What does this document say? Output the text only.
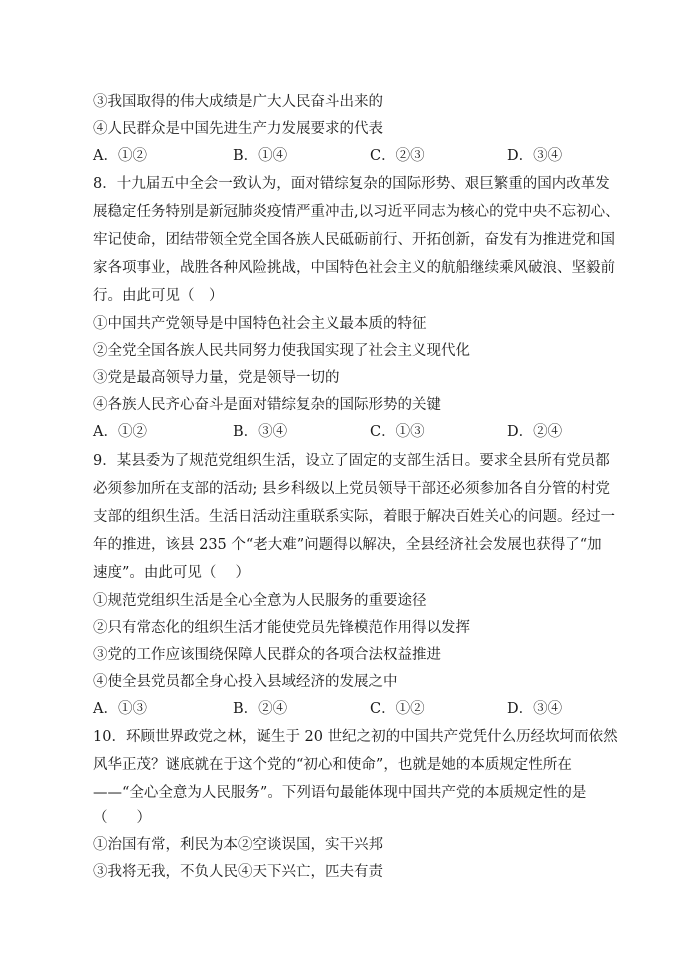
③我国取得的伟大成绩是广大人民奋斗出来的
④人民群众是中国先进生产力发展要求的代表
A．①②	B．①④	C．②③	D．③④
8．十九届五中全会一致认为，面对错综复杂的国际形势、艰巨繁重的国内改革发
展稳定任务特别是新冠肺炎疫情严重冲击,以习近平同志为核心的党中央不忘初心、
牢记使命，团结带领全党全国各族人民砥砺前行、开拓创新，奋发有为推进党和国
家各项事业，战胜各种风险挑战，中国特色社会主义的航船继续乘风破浪、坚毅前
行。由此可见（　）
①中国共产党领导是中国特色社会主义最本质的特征
②全党全国各族人民共同努力使我国实现了社会主义现代化
③党是最高领导力量，党是领导一切的
④各族人民齐心奋斗是面对错综复杂的国际形势的关键
A．①②	B．③④	C．①③	D．②④
9．某县委为了规范党组织生活，设立了固定的支部生活日。要求全县所有党员都
必须参加所在支部的活动; 县乡科级以上党员领导干部还必须参加各自分管的村党
支部的组织生活。生活日活动注重联系实际，着眼于解决百姓关心的问题。经过一
年的推进，该县 235 个“老大难”问题得以解决，全县经济社会发展也获得了“加
速度”。由此可见（　 ）
①规范党组织生活是全心全意为人民服务的重要途径
②只有常态化的组织生活才能使党员先锋模范作用得以发挥
③党的工作应该围绕保障人民群众的各项合法权益推进
④使全县党员都全身心投入县域经济的发展之中
A．①③	B．②④	C．①②	D．③④
10．环顾世界政党之林，诞生于 20 世纪之初的中国共产党凭什么历经坎坷而依然
风华正茂？谜底就在于这个党的“初心和使命”，也就是她的本质规定性所在
——“全心全意为人民服务”。下列语句最能体现中国共产党的本质规定性的是
（　　）
①治国有常，利民为本②空谈误国，实干兴邦
③我将无我，不负人民④天下兴亡，匹夫有责
